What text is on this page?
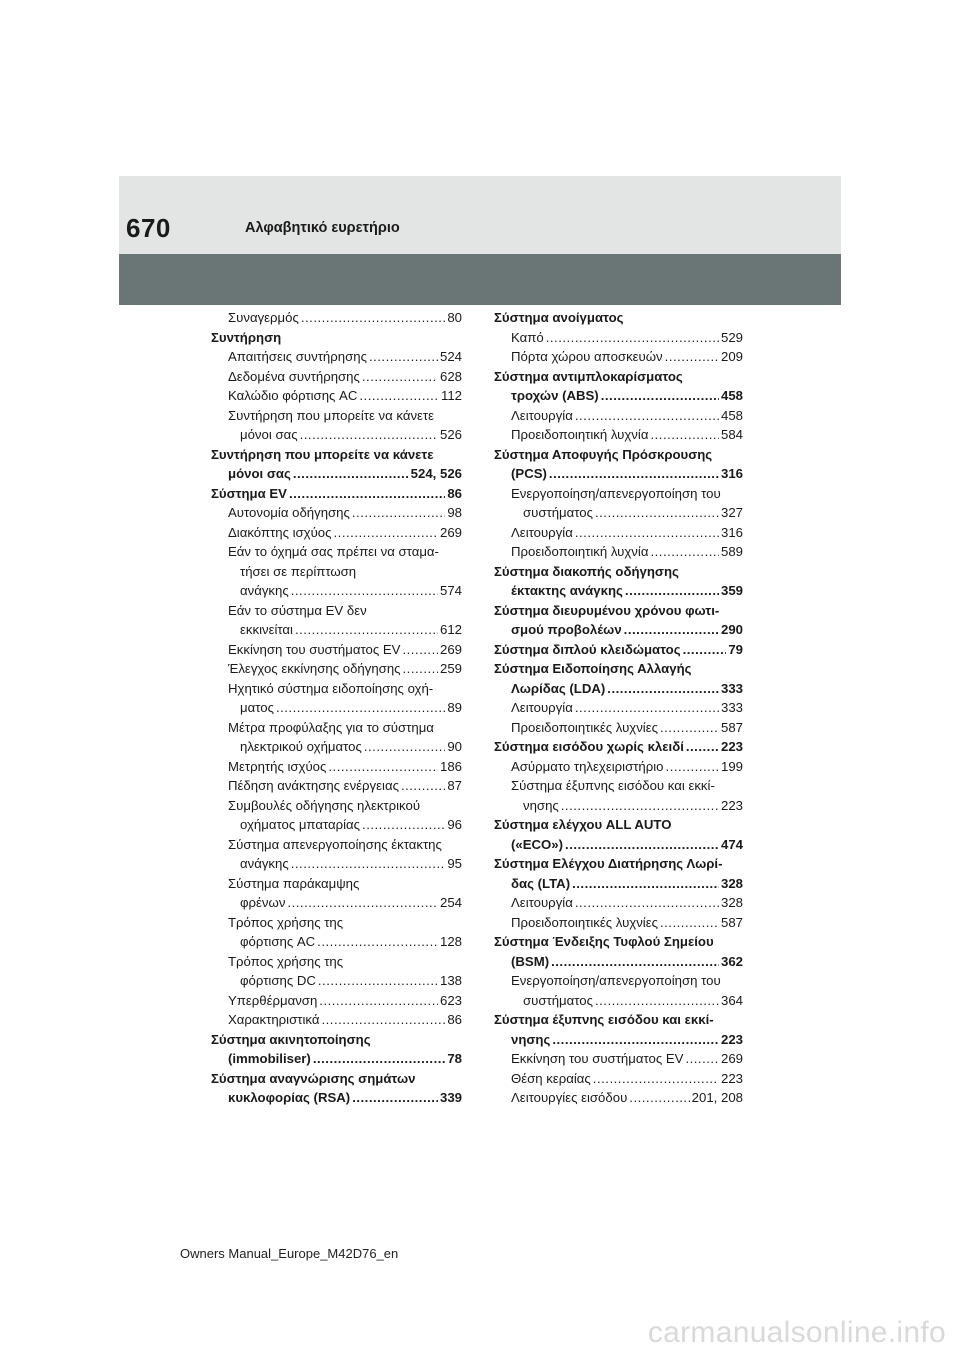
670	Αλφαβητικό ευρετήριο
Συναγερμός .....	80
Συντήρηση
Απαιτήσεις συντήρησης .....	524
Δεδομένα συντήρησης .....	628
Καλώδιο φόρτισης AC .....	112
Συντήρηση που μπορείτε να κάνετε
μόνοι σας .....	526
Συντήρηση που μπορείτε να κάνετε
μόνοι σας .....	524, 526
Σύστημα EV .....	86
Αυτονομία οδήγησης .....	98
Διακόπτης ισχύος .....	269
Εάν το όχημά σας πρέπει να σταμα-
τήσει σε περίπτωση
ανάγκης .....	574
Εάν το σύστημα EV δεν
εκκινείται .....	612
Εκκίνηση του συστήματος EV .....	269
Έλεγχος εκκίνησης οδήγησης .....	259
Ηχητικό σύστημα ειδοποίησης οχή-
ματος .....	89
Μέτρα προφύλαξης για το σύστημα
ηλεκτρικού οχήματος .....	90
Μετρητής ισχύος .....	186
Πέδηση ανάκτησης ενέργειας .....	87
Συμβουλές οδήγησης ηλεκτρικού
οχήματος μπαταρίας .....	96
Σύστημα απενεργοποίησης έκτακτης
ανάγκης .....	95
Σύστημα παράκαμψης
φρένων .....	254
Τρόπος χρήσης της
φόρτισης AC .....	128
Τρόπος χρήσης της
φόρτισης DC .....	138
Υπερθέρμανση .....	623
Χαρακτηριστικά .....	86
Σύστημα ακινητοποίησης
(immobiliser) .....	78
Σύστημα αναγνώρισης σημάτων
κυκλοφορίας (RSA) .....	339
Σύστημα ανοίγματος
Καπό .....	529
Πόρτα χώρου αποσκευών .....	209
Σύστημα αντιμπλοκαρίσματος
τροχών (ABS) .....	458
Λειτουργία .....	458
Προειδοποιητική λυχνία .....	584
Σύστημα Αποφυγής Πρόσκρουσης
(PCS) .....	316
Ενεργοποίηση/απενεργοποίηση του
συστήματος .....	327
Λειτουργία .....	316
Προειδοποιητική λυχνία .....	589
Σύστημα διακοπής οδήγησης
έκτακτης ανάγκης .....	359
Σύστημα διευρυμένου χρόνου φωτι-
σμού προβολέων .....	290
Σύστημα διπλού κλειδώματος .....	79
Σύστημα Ειδοποίησης Αλλαγής
Λωρίδας (LDA) .....	333
Λειτουργία .....	333
Προειδοποιητικές λυχνίες .....	587
Σύστημα εισόδου χωρίς κλειδί .....	223
Ασύρματο τηλεχειριστήριο .....	199
Σύστημα έξυπνης εισόδου και εκκί-
νησης .....	223
Σύστημα ελέγχου ALL AUTO
(«ECO») .....	474
Σύστημα Ελέγχου Διατήρησης Λωρί-
δας (LTA) .....	328
Λειτουργία .....	328
Προειδοποιητικές λυχνίες .....	587
Σύστημα Ένδειξης Τυφλού Σημείου
(BSM) .....	362
Ενεργοποίηση/απενεργοποίηση του
συστήματος .....	364
Σύστημα έξυπνης εισόδου και εκκί-
νησης .....	223
Εκκίνηση του συστήματος EV .....	269
Θέση κεραίας .....	223
Λειτουργίες εισόδου .....	201, 208
Owners Manual_Europe_M42D76_en
carmanualsonline.info
